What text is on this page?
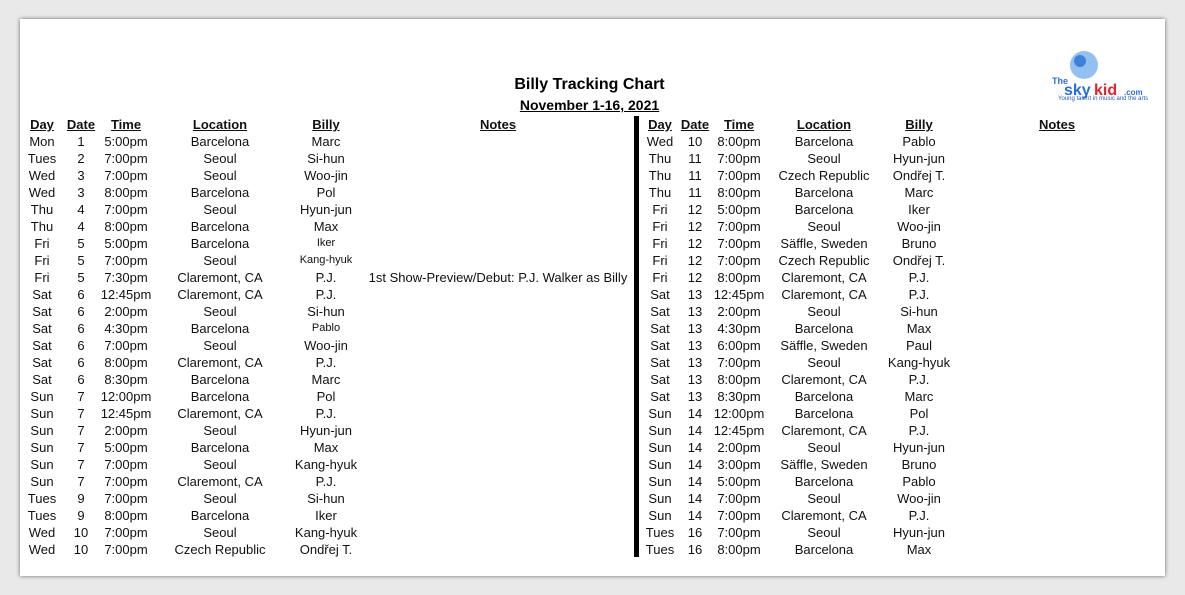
Billy Tracking Chart
November 1-16, 2021
The
sky kid .com
Young talent in music and the arts
Day Date	Time	Location	Billy	Notes	Day Date	Time	Location	Billy	Notes
Mon	1	5:00pm	Barcelona	Marc
Tues	2	7:00pm	Seoul	Si-hun
Wed	3	7:00pm	Seoul	Woo-jin
Wed	3	8:00pm	Barcelona	Pol
Thu	4	7:00pm	Seoul	Hyun-jun
Thu	4	8:00pm	Barcelona	Max
Fri	5	5:00pm	Barcelona	Iker
Fri	5	7:00pm	Seoul	Kang-hyuk
Fri	5	7:30pm	Claremont, CA	P.J.	1st Show-Preview/Debut: P.J. Walker as Billy
Sat	6	12:45pm	Claremont, CA	P.J.
Sat	6	2:00pm	Seoul	Si-hun
Sat	6	4:30pm	Barcelona	Pablo
Sat	6	7:00pm	Seoul	Woo-jin
Sat	6	8:00pm	Claremont, CA	P.J.
Sat	6	8:30pm	Barcelona	Marc
Sun	7	12:00pm	Barcelona	Pol
Sun	7	12:45pm	Claremont, CA	P.J.
Sun	7	2:00pm	Seoul	Hyun-jun
Sun	7	5:00pm	Barcelona	Max
Sun	7	7:00pm	Seoul	Kang-hyuk
Sun	7	7:00pm	Claremont, CA	P.J.
Tues	9	7:00pm	Seoul	Si-hun
Tues	9	8:00pm	Barcelona	Iker
Wed	10	7:00pm	Seoul	Kang-hyuk
Wed	10	7:00pm	Czech Republic	Ondřej T.
Wed	10	8:00pm	Barcelona	Pablo
Thu	11	7:00pm	Seoul	Hyun-jun
Thu	11	7:00pm	Czech Republic	Ondřej T.
Thu	11	8:00pm	Barcelona	Marc
Fri	12	5:00pm	Barcelona	Iker
Fri	12	7:00pm	Seoul	Woo-jin
Fri	12	7:00pm	Säffle, Sweden	Bruno
Fri	12	7:00pm	Czech Republic	Ondřej T.
Fri	12	8:00pm	Claremont, CA	P.J.
Sat	13 12:45pm	Claremont, CA	P.J.
Sat	13	2:00pm	Seoul	Si-hun
Sat	13	4:30pm	Barcelona	Max
Sat	13	6:00pm	Säffle, Sweden	Paul
Sat	13	7:00pm	Seoul	Kang-hyuk
Sat	13	8:00pm	Claremont, CA	P.J.
Sat	13	8:30pm	Barcelona	Marc
Sun	14 12:00pm	Barcelona	Pol
Sun	14 12:45pm	Claremont, CA	P.J.
Sun	14	2:00pm	Seoul	Hyun-jun
Sun	14	3:00pm	Säffle, Sweden	Bruno
Sun	14	5:00pm	Barcelona	Pablo
Sun	14	7:00pm	Seoul	Woo-jin
Sun	14	7:00pm	Claremont, CA	P.J.
Tues	16	7:00pm	Seoul	Hyun-jun
Tues	16	8:00pm	Barcelona	Max
